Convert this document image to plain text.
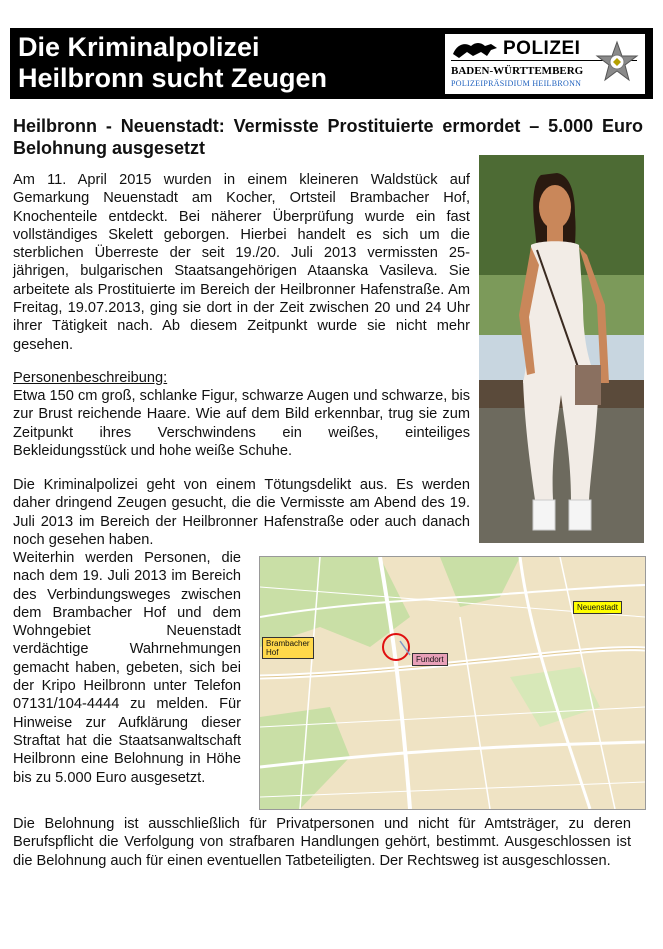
Die Kriminalpolizei
Heilbronn sucht Zeugen
POLIZEI
BADEN-WÜRTTEMBERG
POLIZEIPRÄSIDIUM HEILBRONN
Heilbronn - Neuenstadt: Vermisste Prostituierte ermordet – 5.000 Euro Belohnung ausgesetzt

Am 11. April 2015 wurden in einem kleineren Waldstück auf Gemarkung Neuenstadt am Kocher, Ortsteil Brambacher Hof, Knochenteile entdeckt. Bei näherer Überprüfung wurde ein fast vollständiges Skelett geborgen. Hierbei handelt es sich um die sterblichen Überreste der seit 19./20. Juli 2013 vermissten 25-jährigen, bulgarischen Staatsangehörigen Ataanska Vasileva. Sie arbeitete als Prostituierte im Bereich der Heilbronner Hafenstraße. Am Freitag, 19.07.2013, ging sie dort in der Zeit zwischen 20 und 24 Uhr ihrer Tätigkeit nach. Ab diesem Zeitpunkt wurde sie nicht mehr gesehen.

Personenbeschreibung:

Etwa 150 cm groß, schlanke Figur, schwarze Augen und schwarze, bis zur Brust reichende Haare. Wie auf dem Bild erkennbar, trug sie zum Zeitpunkt ihres Verschwindens ein weißes, einteiliges Bekleidungsstück und hohe weiße Schuhe.

Die Kriminalpolizei geht von einem Tötungsdelikt aus. Es werden daher dringend Zeugen gesucht, die die Vermisste am Abend des 19. Juli 2013 im Bereich der Heilbronner Hafenstraße oder auch danach noch gesehen haben.

Weiterhin werden Personen, die nach dem 19. Juli 2013 im Bereich des Verbindungsweges zwischen dem Brambacher Hof und dem Wohngebiet Neuenstadt verdächtige Wahrnehmungen gemacht haben, gebeten, sich bei der Kripo Heilbronn unter Telefon 07131/104-4444 zu melden. Für Hinweise zur Aufklärung dieser Straftat hat die Staatsanwaltschaft Heilbronn eine Belohnung in Höhe bis zu 5.000 Euro ausgesetzt.

Die Belohnung ist ausschließlich für Privatpersonen und nicht für Amtsträger, zu deren Berufspflicht die Verfolgung von strafbaren Handlungen gehört, bestimmt. Ausgeschlossen ist die Belohnung auch für einen eventuellen Tatbeteiligten. Der Rechtsweg ist ausgeschlossen.

Neuenstadt
Brambacher Hof
Fundort
